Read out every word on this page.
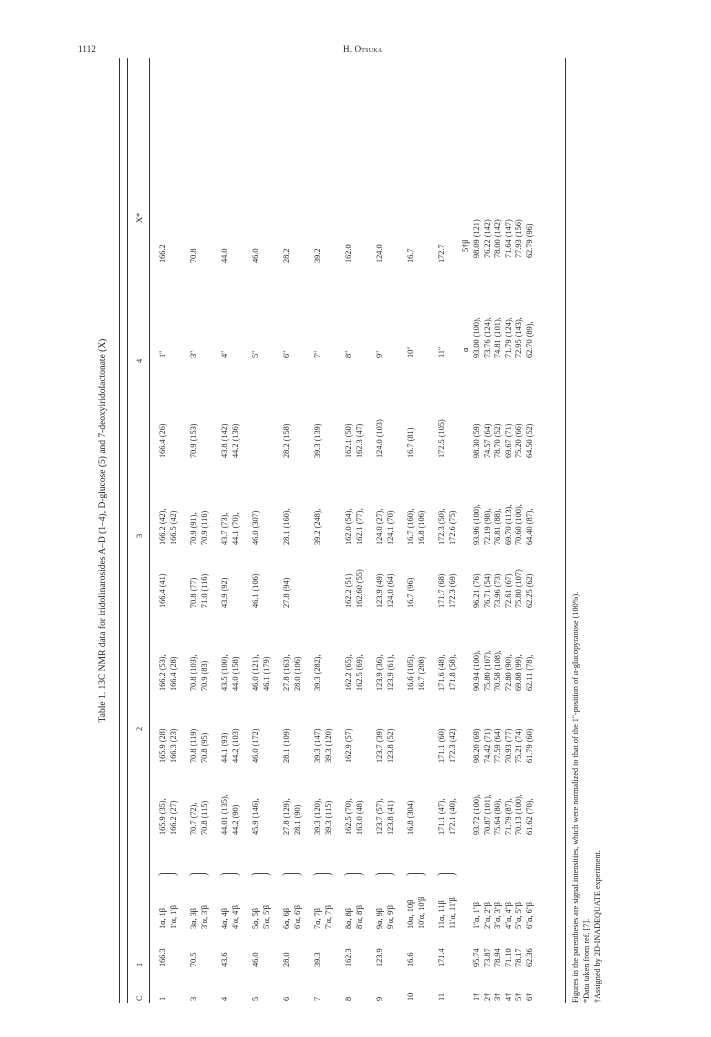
1112	H. Otsuka
Table 1. 13C NMR data for iridolinarosides A–D (1–4), D-glucose (5) and 7-deoxyiridolactonate (X)
C
1
2
3
4
X*
1
166.3
1α, 1β
165.9 (35),
165.9 (28)
166.2 (53),
166.4 (41)
166.2 (42),
166.4 (26)
1''
166.2
1'α, 1'β
166.2 (27)
166.3 (23)
166.4 (28)
166.5 (42)
3
70.5
3α, 3β
70.7 (72),
70.8 (119)
70.8 (103),
70.8 (77)
70.9 (91),
70.9 (153)
3''
70.8
3'α, 3'β
70.8 (115)
70.8 (95)
70.9 (83)
71.0 (116)
70.9 (116)
4
43.6
4α, 4β
44.01 (135),
44.1 (93)
43.5 (100),
43.9 (92)
43.7 (73),
43.8 (142)
4''
44.0
4'α, 4'β
44.2 (90)
44.2 (103)
44.0 (158)
44.1 (70),
44.2 (136)
5
46.0
5α, 5β
45.9 (146),
46.0 (172)
46.0 (121),
46.1 (106)
46.0 (307)
5''
46.0
5'α, 5'β
46.1 (179)
6
28.0
6α, 6β
27.8 (129),
28.1 (109)
27.8 (163),
27.8 (94)
28.1 (160),
28.2 (158)
6''
28.2
6'α, 6'β
28.1 (90)
28.0 (106)
7
39.3
7α, 7β
39.3 (120),
39.3 (147)
39.3 (282),
39.2 (248),
39.3 (139)
7''
39.2
7'α, 7'β
39.3 (115)
39.3 (120)
8
162.3
8α, 8β
162.5 (70),
162.9 (57)
162.2 (65),
162.2 (51)
162.0 (54),
162.1 (50)
8''
162.0
8'α, 8'β
163.0 (48)
162.5 (69),
162.60 (55)
162.1 (77),
162.3 (47)
9
123.9
9α, 9β
123.7 (57),
123.7 (39)
123.9 (36),
123.9 (49)
124.0 (27),
124.0 (103)
9''
124.0
9'α, 9'β
123.8 (41)
123.8 (52)
123.9 (61),
124.0 (64)
124.1 (70)
10
16.6
10α, 10β
16.8 (304)
16.6 (105),
16.7 (96)
16.7 (160),
16.7 (81)
10''
16.7
10'α, 10'β
16.7 (208)
16.8 (106)
11
171.4
11α, 11β
171.1 (47),
171.1 (60)
171.6 (48),
171.7 (68)
172.3 (50),
172.5 (105)
11''
172.7
11'α, 11'β
172.1 (40),
172.3 (42)
171.8 (58),
172.3 (69)
172.6 (75)
α
5†β
1†
95.74
1''α, 1''β
93.72 (100),
98.20 (69)
90.94 (100),
96.21 (76)
93.96 (100),
98.30 (59)
93.00 (100),
98.09 (121)
2†
73.87
2''α, 2''β
70.87 (101),
74.42 (71)
75.80 (107),
76.71 (54)
72.19 (98),
74.57 (64)
73.76 (124),
76.22 (142)
3†
78.94
3''α, 3''β
75.64 (80),
77.59 (64)
70.58 (108),
73.96 (73)
76.81 (88),
78.70 (52)
74.81 (101),
78.00 (142)
4†
71.10
4''α, 4''β
71.79 (87),
70.93 (77)
72.80 (90),
72.61 (67)
69.70 (113),
69.67 (71)
71.79 (124),
71.64 (147)
5†
78.17
5''α, 5''β
70.13 (100),
75.21 (74)
69.88 (99),
75.80 (107)
70.60 (100),
75.20 (66)
72.95 (143),
77.93 (156)
6†
62.36
6''α, 6''β
61.62 (70),
61.79 (60)
62.11 (78),
62.25 (62)
64.40 (87),
64.50 (52)
62.70 (89),
62.79 (96)
Figures in the parentheses are signal intensities, which were normalized to that of the 1''-position of α-glucopyranose (100%). *Data taken from ref. [7]. †Assigned by 2D-INADEQUATE experiment.
